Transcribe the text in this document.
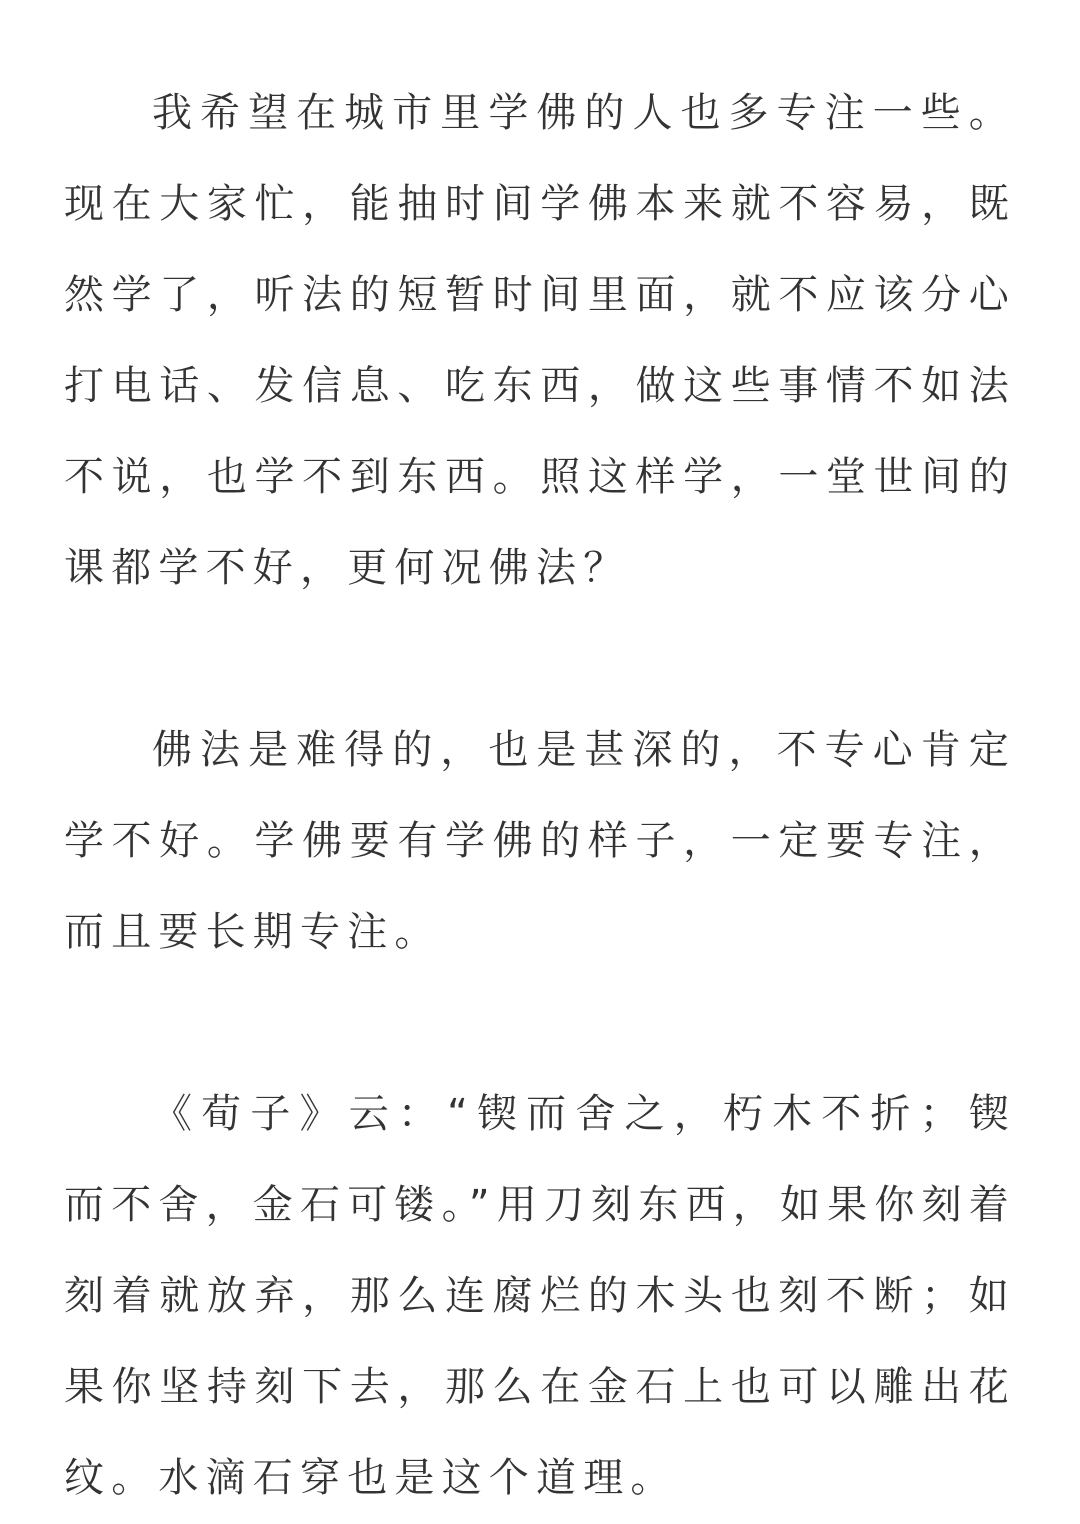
我希望在城市里学佛的人也多专注一些。现在大家忙，能抽时间学佛本来就不容易，既然学了，听法的短暂时间里面，就不应该分心打电话、发信息、吃东西，做这些事情不如法不说，也学不到东西。照这样学，一堂世间的课都学不好，更何况佛法？

佛法是难得的，也是甚深的，不专心肯定学不好。学佛要有学佛的样子，一定要专注，而且要长期专注。

《荀子》云：“锲而舍之，朽木不折；锲而不舍，金石可镂。”用刀刻东西，如果你刻着刻着就放弃，那么连腐烂的木头也刻不断；如果你坚持刻下去，那么在金石上也可以雕出花纹。水滴石穿也是这个道理。
